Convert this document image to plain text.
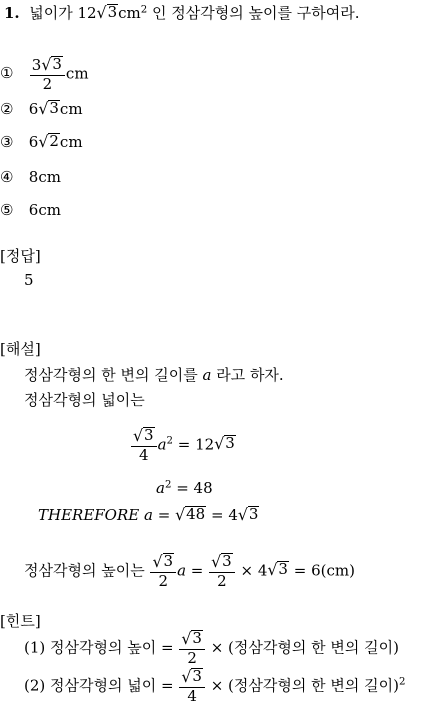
1. 넓이가 12 √ 3 $cm^2$ 인 정삼각형의 높이를 구하여라.
① $\frac{3 √ 3}{2}$ cm
② 6 √ 3 cm
③ 6 √ 2 cm
④ 8cm
⑤ 6cm
[정답]
5
[해설]
정삼각형의 한 변의 길이를 a 라고 하자.
정삼각형의 넓이는
$\frac{√ 3}{4} a^2 = 12$ √ 3
$a^2 = 48$
THEREFORE a = √ 48 = 4 √ 3
정삼각형의 높이는 $\frac{√ 3}{2}$ $a = \frac{√ 3}{2} \times 4$ √ 3 = 6(cm)
[힌트]
(1) 정삼각형의 높이 = $\frac{√ 3}{2}$ × (정삼각형의 한 변의 길이)
(2) 정삼각형의 넓이 = $\frac{√ 3}{4}$ × (정삼각형의 한 변의 길이)$^2$
